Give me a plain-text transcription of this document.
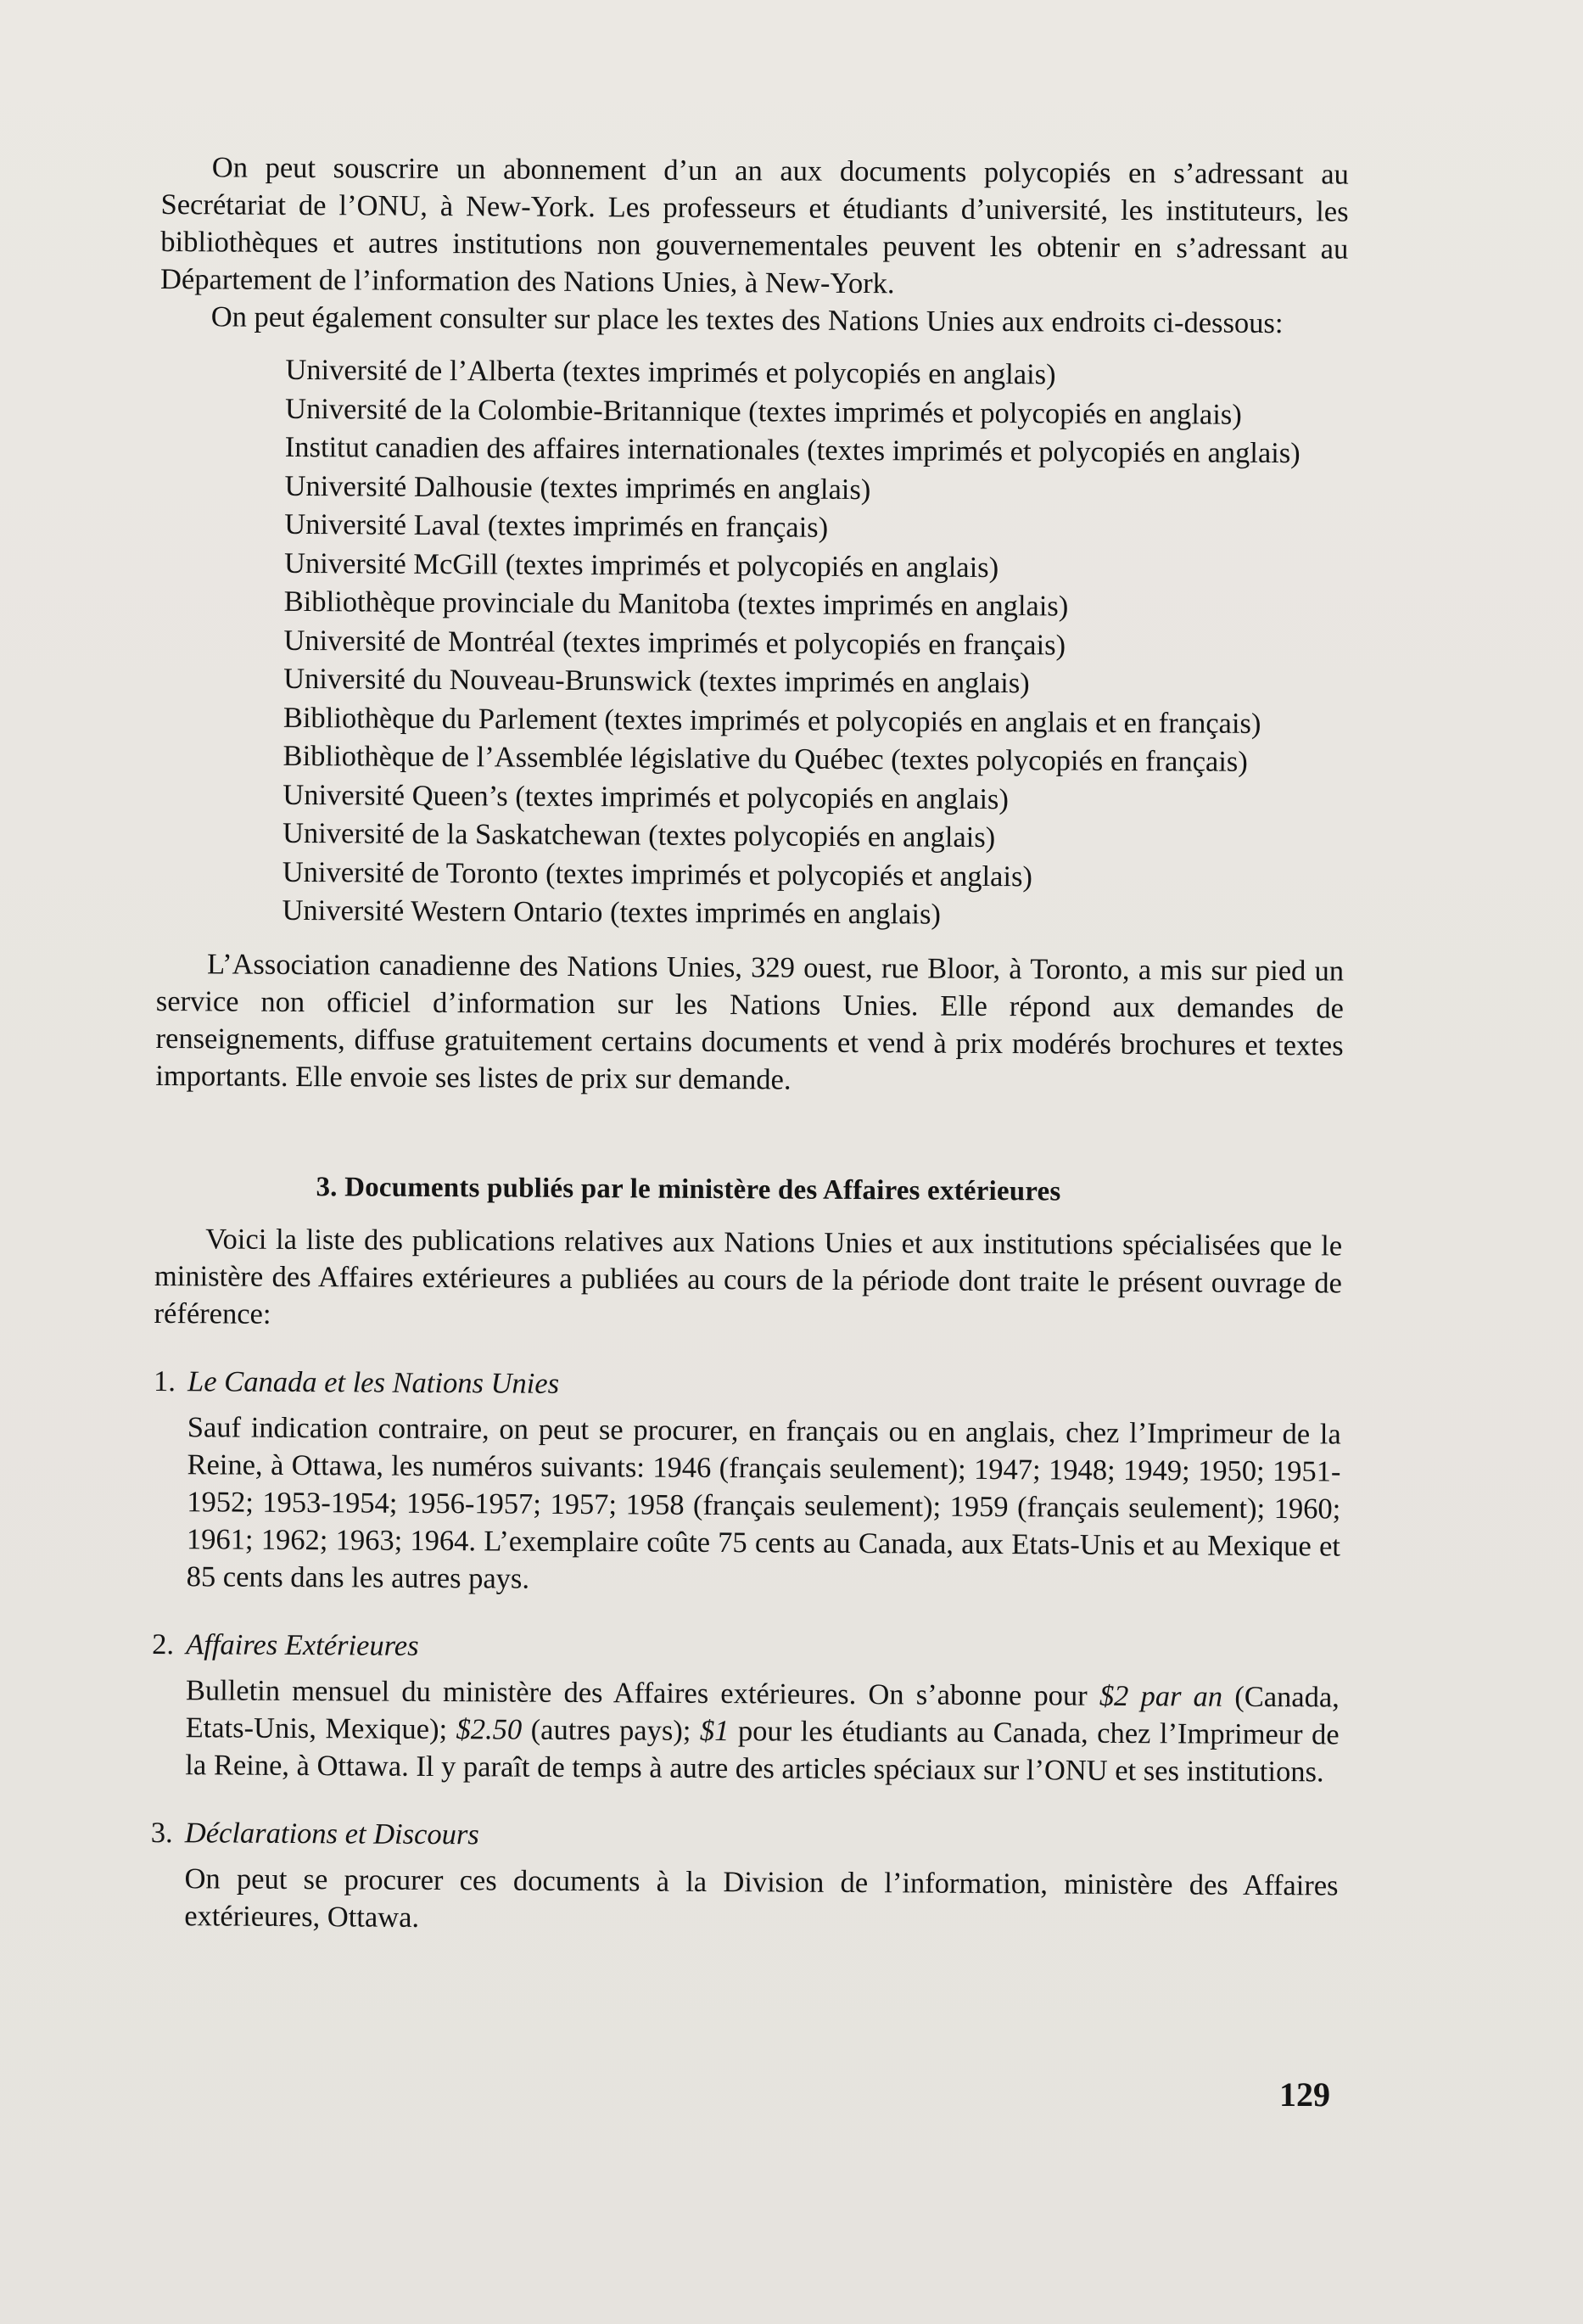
On peut souscrire un abonnement d’un an aux documents polycopiés en s’adressant au Secrétariat de l’ONU, à New-York. Les professeurs et étudiants d’université, les instituteurs, les bibliothèques et autres institutions non gouvernementales peuvent les obtenir en s’adressant au Département de l’information des Nations Unies, à New-York.

On peut également consulter sur place les textes des Nations Unies aux endroits ci-dessous:

Université de l’Alberta (textes imprimés et polycopiés en anglais)
Université de la Colombie-Britannique (textes imprimés et polycopiés en anglais)
Institut canadien des affaires internationales (textes imprimés et polycopiés en anglais)
Université Dalhousie (textes imprimés en anglais)
Université Laval (textes imprimés en français)
Université McGill (textes imprimés et polycopiés en anglais)
Bibliothèque provinciale du Manitoba (textes imprimés en anglais)
Université de Montréal (textes imprimés et polycopiés en français)
Université du Nouveau-Brunswick (textes imprimés en anglais)
Bibliothèque du Parlement (textes imprimés et polycopiés en anglais et en français)
Bibliothèque de l’Assemblée législative du Québec (textes polycopiés en français)
Université Queen’s (textes imprimés et polycopiés en anglais)
Université de la Saskatchewan (textes polycopiés en anglais)
Université de Toronto (textes imprimés et polycopiés et anglais)
Université Western Ontario (textes imprimés en anglais)

L’Association canadienne des Nations Unies, 329 ouest, rue Bloor, à Toronto, a mis sur pied un service non officiel d’information sur les Nations Unies. Elle répond aux demandes de renseignements, diffuse gratuitement certains documents et vend à prix modérés brochures et textes importants. Elle envoie ses listes de prix sur demande.

3. Documents publiés par le ministère des Affaires extérieures

Voici la liste des publications relatives aux Nations Unies et aux institutions spécialisées que le ministère des Affaires extérieures a publiées au cours de la période dont traite le présent ouvrage de référence:

1. Le Canada et les Nations Unies

Sauf indication contraire, on peut se procurer, en français ou en anglais, chez l’Imprimeur de la Reine, à Ottawa, les numéros suivants: 1946 (français seulement); 1947; 1948; 1949; 1950; 1951-1952; 1953-1954; 1956-1957; 1957; 1958 (français seulement); 1959 (français seulement); 1960; 1961; 1962; 1963; 1964. L’exemplaire coûte 75 cents au Canada, aux Etats-Unis et au Mexique et 85 cents dans les autres pays.

2. Affaires Extérieures

Bulletin mensuel du ministère des Affaires extérieures. On s’abonne pour $2 par an (Canada, Etats-Unis, Mexique); $2.50 (autres pays); $1 pour les étudiants au Canada, chez l’Imprimeur de la Reine, à Ottawa. Il y paraît de temps à autre des articles spéciaux sur l’ONU et ses institutions.

3. Déclarations et Discours

On peut se procurer ces documents à la Division de l’information, ministère des Affaires extérieures, Ottawa.

129
